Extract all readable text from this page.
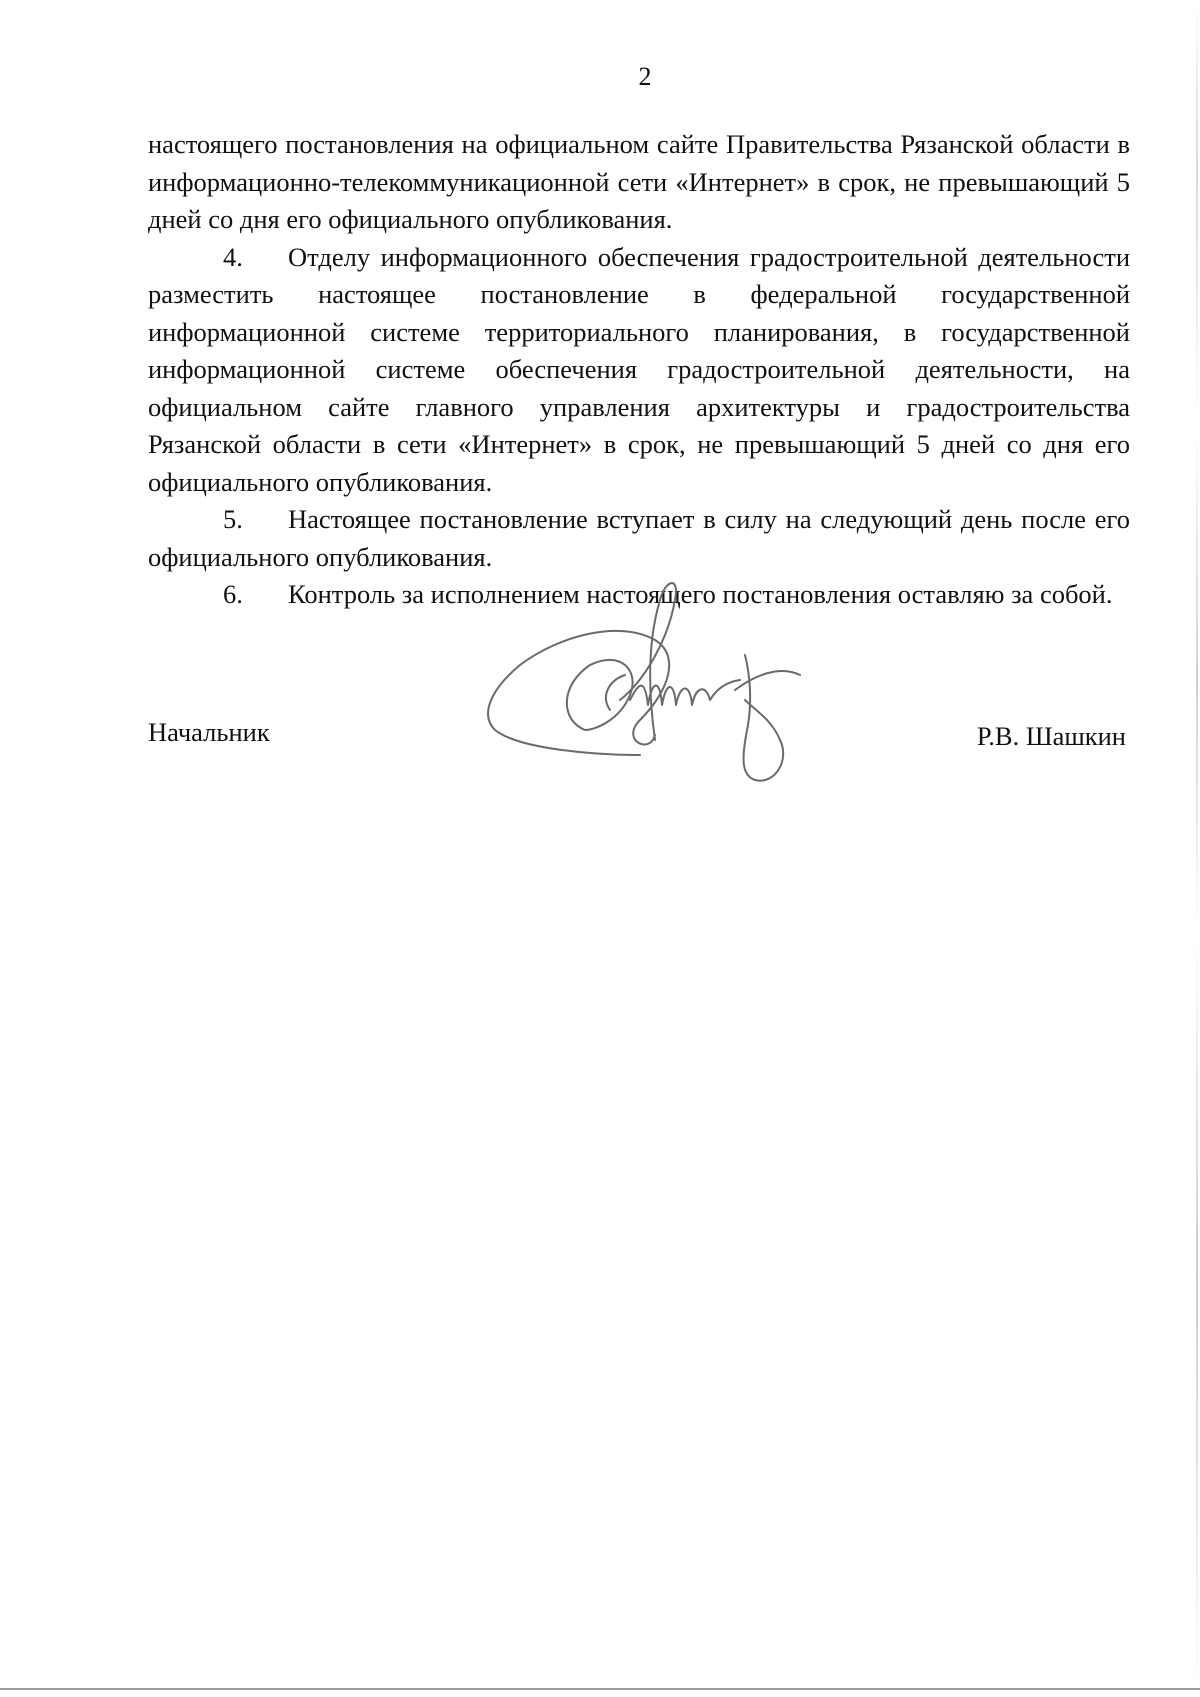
2

настоящего постановления на официальном сайте Правительства Рязанской области в информационно-телекоммуникационной сети «Интернет» в срок, не превышающий 5 дней со дня его официального опубликования.

4. Отделу информационного обеспечения градостроительной деятельности разместить настоящее постановление в федеральной государственной информационной системе территориального планирования, в государственной информационной системе обеспечения градостроительной деятельности, на официальном сайте главного управления архитектуры и градостроительства Рязанской области в сети «Интернет» в срок, не превышающий 5 дней со дня его официального опубликования.

5. Настоящее постановление вступает в силу на следующий день после его официального опубликования.

6. Контроль за исполнением настоящего постановления оставляю за собой.

Начальник	Р.В. Шашкин
